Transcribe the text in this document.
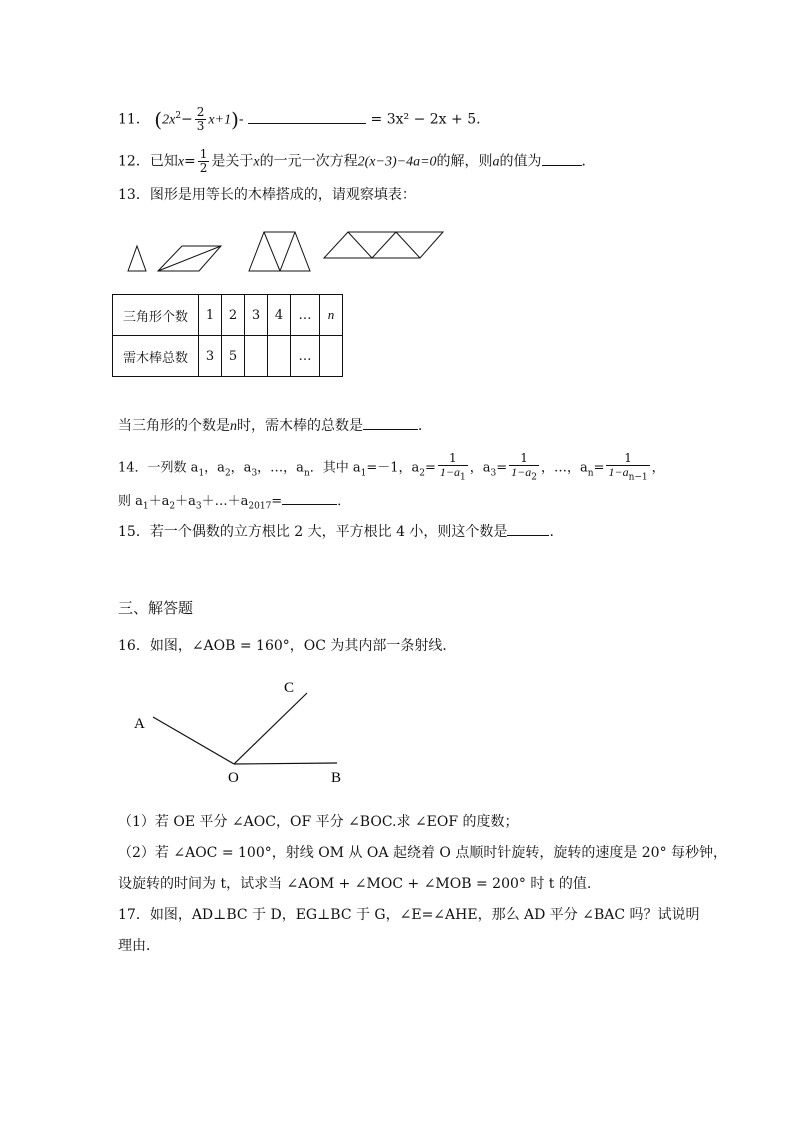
11． $(2x^2- \frac{2}{3} x+1)-$	= 3x² − 2x + 5.
12．已知$x= \frac{1}{2}$ 是关于x的一元一次方程2(x−3)−4a=0的解，则a的值为	．
13．图形是用等长的木棒搭成的，请观察填表：
三角形个数	1	2	3	4	…	n
需木棒总数	3	5			…	
当三角形的个数是n时，需木棒的总数是	．
14．一列数 $a_1$，$a_2$，$a_3$，…，$a_n$．其中 $a_1=-1$，$a_2= \frac{1}{1-a_1}$ ，$a_3= \frac{1}{1-a_2}$ ，…，$a_n= \frac{1}{1-a_{n-1}}$ ，
则 $a_1+a_2+a_3+\dots+a_{2017}=$	．
15．若一个偶数的立方根比 2 大，平方根比 4 小，则这个数是	.
三、解答题
16．如图，∠AOB = 160°，OC 为其内部一条射线．
A
C
O	B
（1）若 OE 平分 ∠AOC，OF 平分 ∠BOC.求 ∠EOF 的度数；
（2）若 ∠AOC = 100°，射线 OM 从 OA 起绕着 O 点顺时针旋转，旋转的速度是 20° 每秒钟，
设旋转的时间为 t，试求当 ∠AOM + ∠MOC + ∠MOB = 200° 时 t 的值.
17．如图，AD⊥BC 于 D，EG⊥BC 于 G，∠E=∠AHE，那么 AD 平分 ∠BAC 吗？试说明
理由．
